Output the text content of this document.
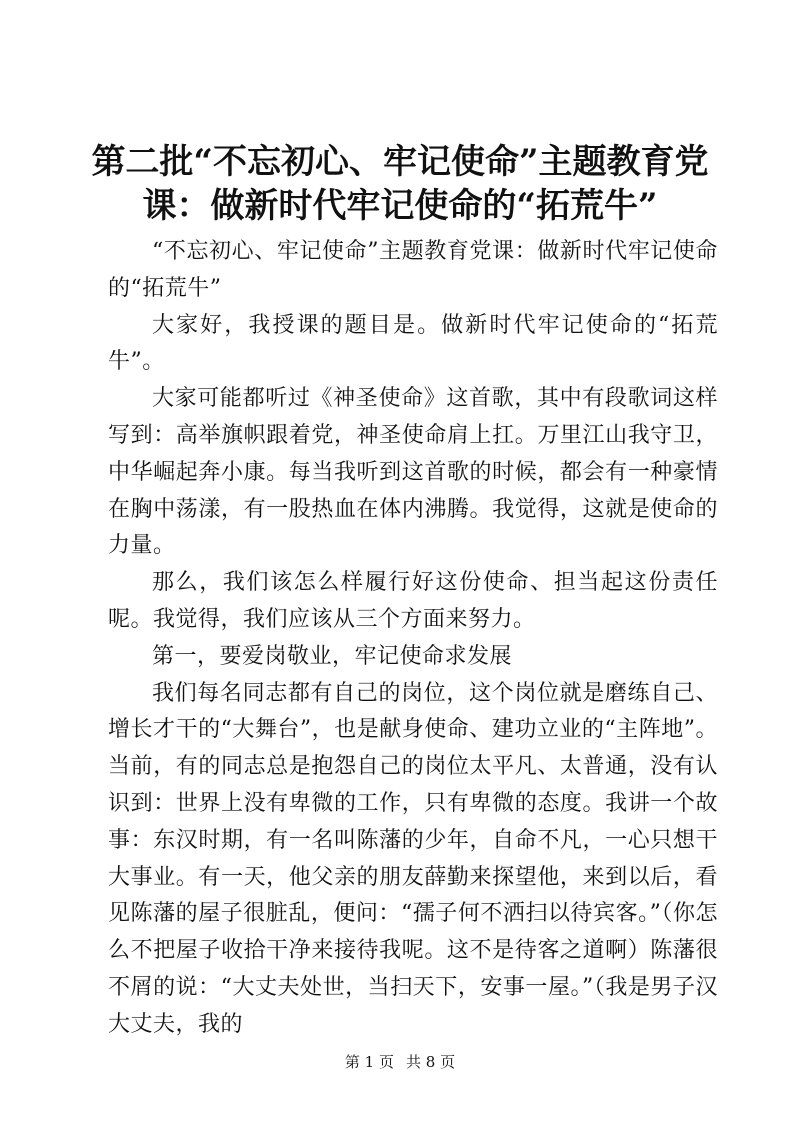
第二批“不忘初心、牢记使命”主题教育党
课：做新时代牢记使命的“拓荒牛”

“不忘初心、牢记使命”主题教育党课：做新时代牢记使命的“拓荒牛”

大家好，我授课的题目是。做新时代牢记使命的“拓荒牛”。

大家可能都听过《神圣使命》这首歌，其中有段歌词这样写到：高举旗帜跟着党，神圣使命肩上扛。万里江山我守卫，中华崛起奔小康。每当我听到这首歌的时候，都会有一种豪情在胸中荡漾，有一股热血在体内沸腾。我觉得，这就是使命的力量。

那么，我们该怎么样履行好这份使命、担当起这份责任呢。我觉得，我们应该从三个方面来努力。

第一，要爱岗敬业，牢记使命求发展

我们每名同志都有自己的岗位，这个岗位就是磨练自己、增长才干的“大舞台”，也是献身使命、建功立业的“主阵地”。当前，有的同志总是抱怨自己的岗位太平凡、太普通，没有认识到：世界上没有卑微的工作，只有卑微的态度。我讲一个故事：东汉时期，有一名叫陈藩的少年，自命不凡，一心只想干大事业。有一天，他父亲的朋友薛勤来探望他，来到以后，看见陈藩的屋子很脏乱，便问：“孺子何不洒扫以待宾客。”（你怎么不把屋子收拾干净来接待我呢。这不是待客之道啊）陈藩很不屑的说：“大丈夫处世，当扫天下，安事一屋。”（我是男子汉大丈夫，我的

第 1 页 共 8 页
